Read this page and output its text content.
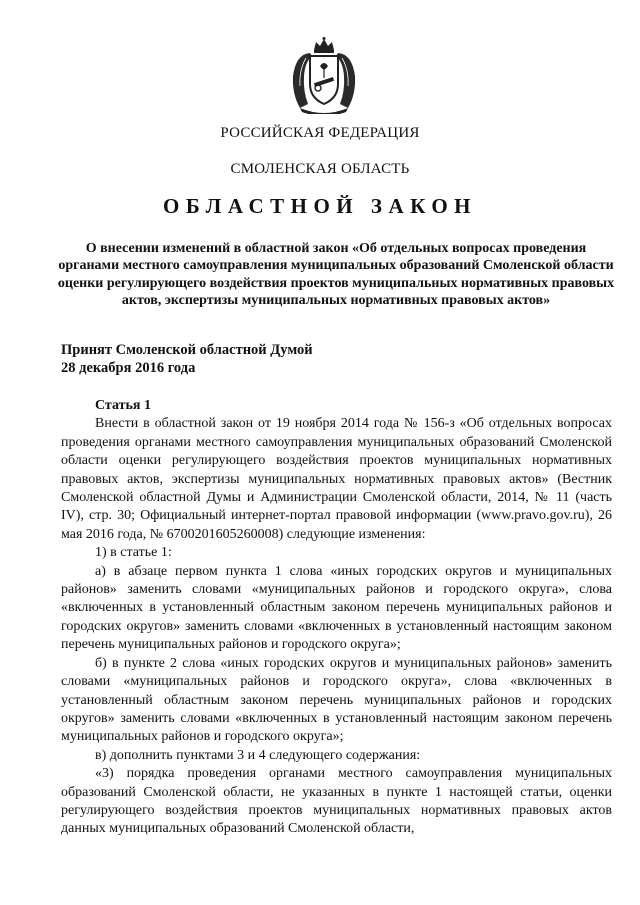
РОССИЙСКАЯ ФЕДЕРАЦИЯ
СМОЛЕНСКАЯ ОБЛАСТЬ
ОБЛАСТНОЙ ЗАКОН
О внесении изменений в областной закон «Об отдельных вопросах проведения органами местного самоуправления муниципальных образований Смоленской области оценки регулирующего воздействия проектов муниципальных нормативных правовых актов, экспертизы муниципальных нормативных правовых актов»
Принят Смоленской областной Думой
28 декабря 2016 года

Статья 1

Внести в областной закон от 19 ноября 2014 года № 156-з «Об отдельных вопросах проведения органами местного самоуправления муниципальных образований Смоленской области оценки регулирующего воздействия проектов муниципальных нормативных правовых актов, экспертизы муниципальных нормативных правовых актов» (Вестник Смоленской областной Думы и Администрации Смоленской области, 2014, № 11 (часть IV), стр. 30; Официальный интернет-портал правовой информации (www.pravo.gov.ru), 26 мая 2016 года, № 6700201605260008) следующие изменения:

1) в статье 1:

а) в абзаце первом пункта 1 слова «иных городских округов и муниципальных районов» заменить словами «муниципальных районов и городского округа», слова «включенных в установленный областным законом перечень муниципальных районов и городских округов» заменить словами «включенных в установленный настоящим законом перечень муниципальных районов и городского округа»;

б) в пункте 2 слова «иных городских округов и муниципальных районов» заменить словами «муниципальных районов и городского округа», слова «включенных в установленный областным законом перечень муниципальных районов и городских округов» заменить словами «включенных в установленный настоящим законом перечень муниципальных районов и городского округа»;

в) дополнить пунктами 3 и 4 следующего содержания:

«3) порядка проведения органами местного самоуправления муниципальных образований Смоленской области, не указанных в пункте 1 настоящей статьи, оценки регулирующего воздействия проектов муниципальных нормативных правовых актов данных муниципальных образований Смоленской области,
